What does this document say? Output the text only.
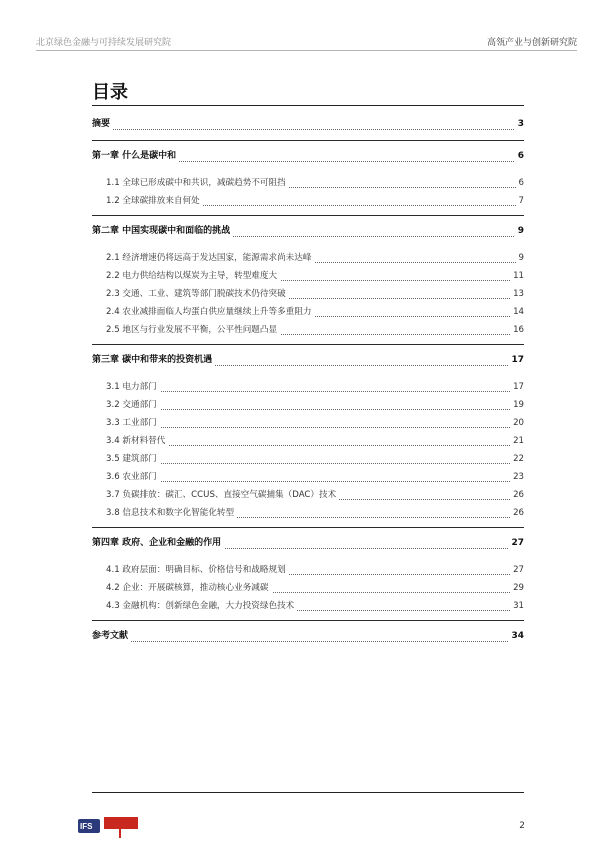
北京绿色金融与可持续发展研究院	高瓴产业与创新研究院
目录
摘要	3
第一章 什么是碳中和	6
1.1 全球已形成碳中和共识，减碳趋势不可阻挡	6
1.2 全球碳排放来自何处	7
第二章 中国实现碳中和面临的挑战	9
2.1 经济增速仍将远高于发达国家，能源需求尚未达峰	9
2.2 电力供给结构以煤炭为主导，转型难度大	11
2.3 交通、工业、建筑等部门脱碳技术仍待突破	13
2.4 农业减排面临人均蛋白供应量继续上升等多重阻力	14
2.5 地区与行业发展不平衡，公平性问题凸显	16
第三章 碳中和带来的投资机遇	17
3.1 电力部门	17
3.2 交通部门	19
3.3 工业部门	20
3.4 新材料替代	21
3.5 建筑部门	22
3.6 农业部门	23
3.7 负碳排放：碳汇、CCUS、直接空气碳捕集（DAC）技术	26
3.8 信息技术和数字化智能化转型	26
第四章 政府、企业和金融的作用	27
4.1 政府层面：明确目标、价格信号和战略规划	27
4.2 企业：开展碳核算，推动核心业务减碳	29
4.3 金融机构：创新绿色金融，大力投资绿色技术	31
参考文献	34
IFS	2
